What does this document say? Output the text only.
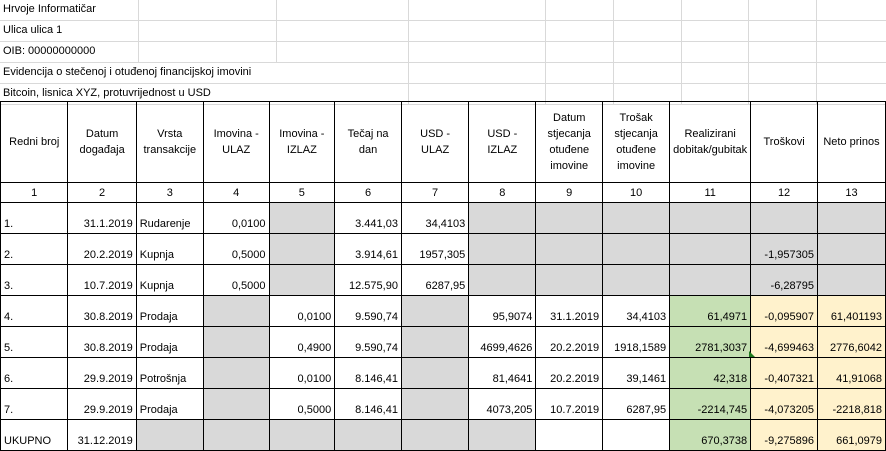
Hrvoje Informatičar
Ulica ulica 1
OIB: 00000000000
Evidencija o stečenoj i otuđenoj financijskoj imovini
Bitcoin, lisnica XYZ, protuvrijednost u USD
Redni broj	Datum događaja	Vrsta transakcije	Imovina - ULAZ	Imovina - IZLAZ	Tečaj na dan	USD - ULAZ	USD - IZLAZ	Datum stjecanja otuđene imovine	Trošak stjecanja otuđene imovine	Realizirani dobitak/gubitak	Troškovi	Neto prinos
1	2	3	4	5	6	7	8	9	10	11	12	13
1.	31.1.2019	Rudarenje	0,0100		3.441,03	34,4103						
2.	20.2.2019	Kupnja	0,5000		3.914,61	1957,305					-1,957305	
3.	10.7.2019	Kupnja	0,5000		12.575,90	6287,95					-6,28795	
4.	30.8.2019	Prodaja		0,0100	9.590,74		95,9074	31.1.2019	34,4103	61,4971	-0,095907	61,401193
5.	30.8.2019	Prodaja		0,4900	9.590,74		4699,4626	20.2.2019	1918,1589	2781,3037	-4,699463	2776,6042
6.	29.9.2019	Potrošnja		0,0100	8.146,41		81,4641	20.2.2019	39,1461	42,318	-0,407321	41,91068
7.	29.9.2019	Prodaja		0,5000	8.146,41		4073,205	10.7.2019	6287,95	-2214,745	-4,073205	-2218,818
UKUPNO	31.12.2019									670,3738	-9,275896	661,0979
